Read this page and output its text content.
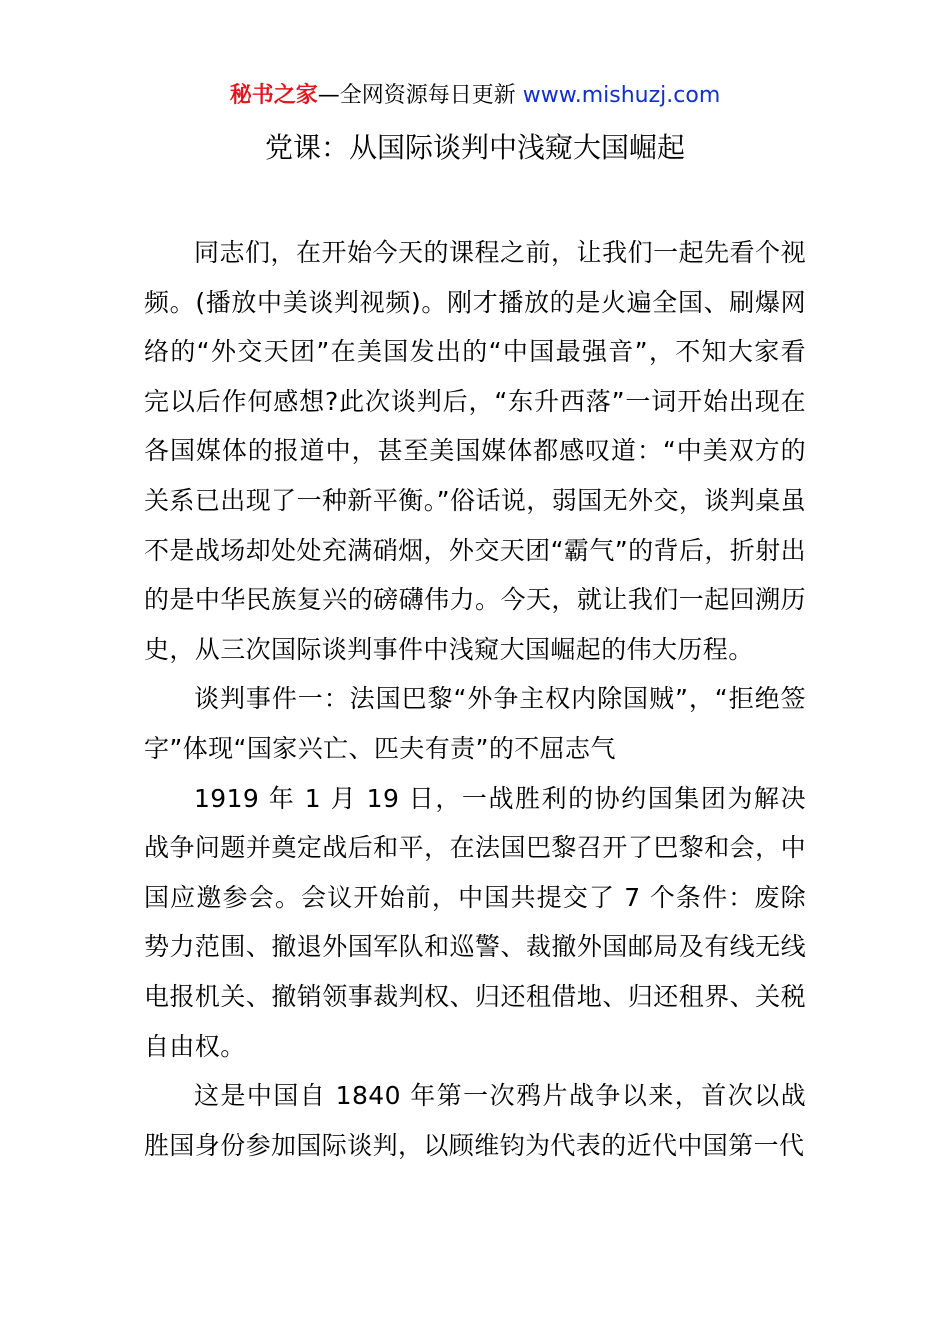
秘书之家—全网资源每日更新 www.mishuzj.com
党课：从国际谈判中浅窥大国崛起

同志们，在开始今天的课程之前，让我们一起先看个视频。(播放中美谈判视频)。刚才播放的是火遍全国、刷爆网络的“外交天团”在美国发出的“中国最强音”，不知大家看完以后作何感想?此次谈判后，“东升西落”一词开始出现在各国媒体的报道中，甚至美国媒体都感叹道：“中美双方的关系已出现了一种新平衡。”俗话说，弱国无外交，谈判桌虽不是战场却处处充满硝烟，外交天团“霸气”的背后，折射出的是中华民族复兴的磅礴伟力。今天，就让我们一起回溯历史，从三次国际谈判事件中浅窥大国崛起的伟大历程。

谈判事件一：法国巴黎“外争主权内除国贼”，“拒绝签字”体现“国家兴亡、匹夫有责”的不屈志气

1919 年 1 月 19 日，一战胜利的协约国集团为解决战争问题并奠定战后和平，在法国巴黎召开了巴黎和会，中国应邀参会。会议开始前，中国共提交了 7 个条件：废除势力范围、撤退外国军队和巡警、裁撤外国邮局及有线无线电报机关、撤销领事裁判权、归还租借地、归还租界、关税自由权。

这是中国自 1840 年第一次鸦片战争以来，首次以战胜国身份参加国际谈判，以顾维钧为代表的近代中国第一代
